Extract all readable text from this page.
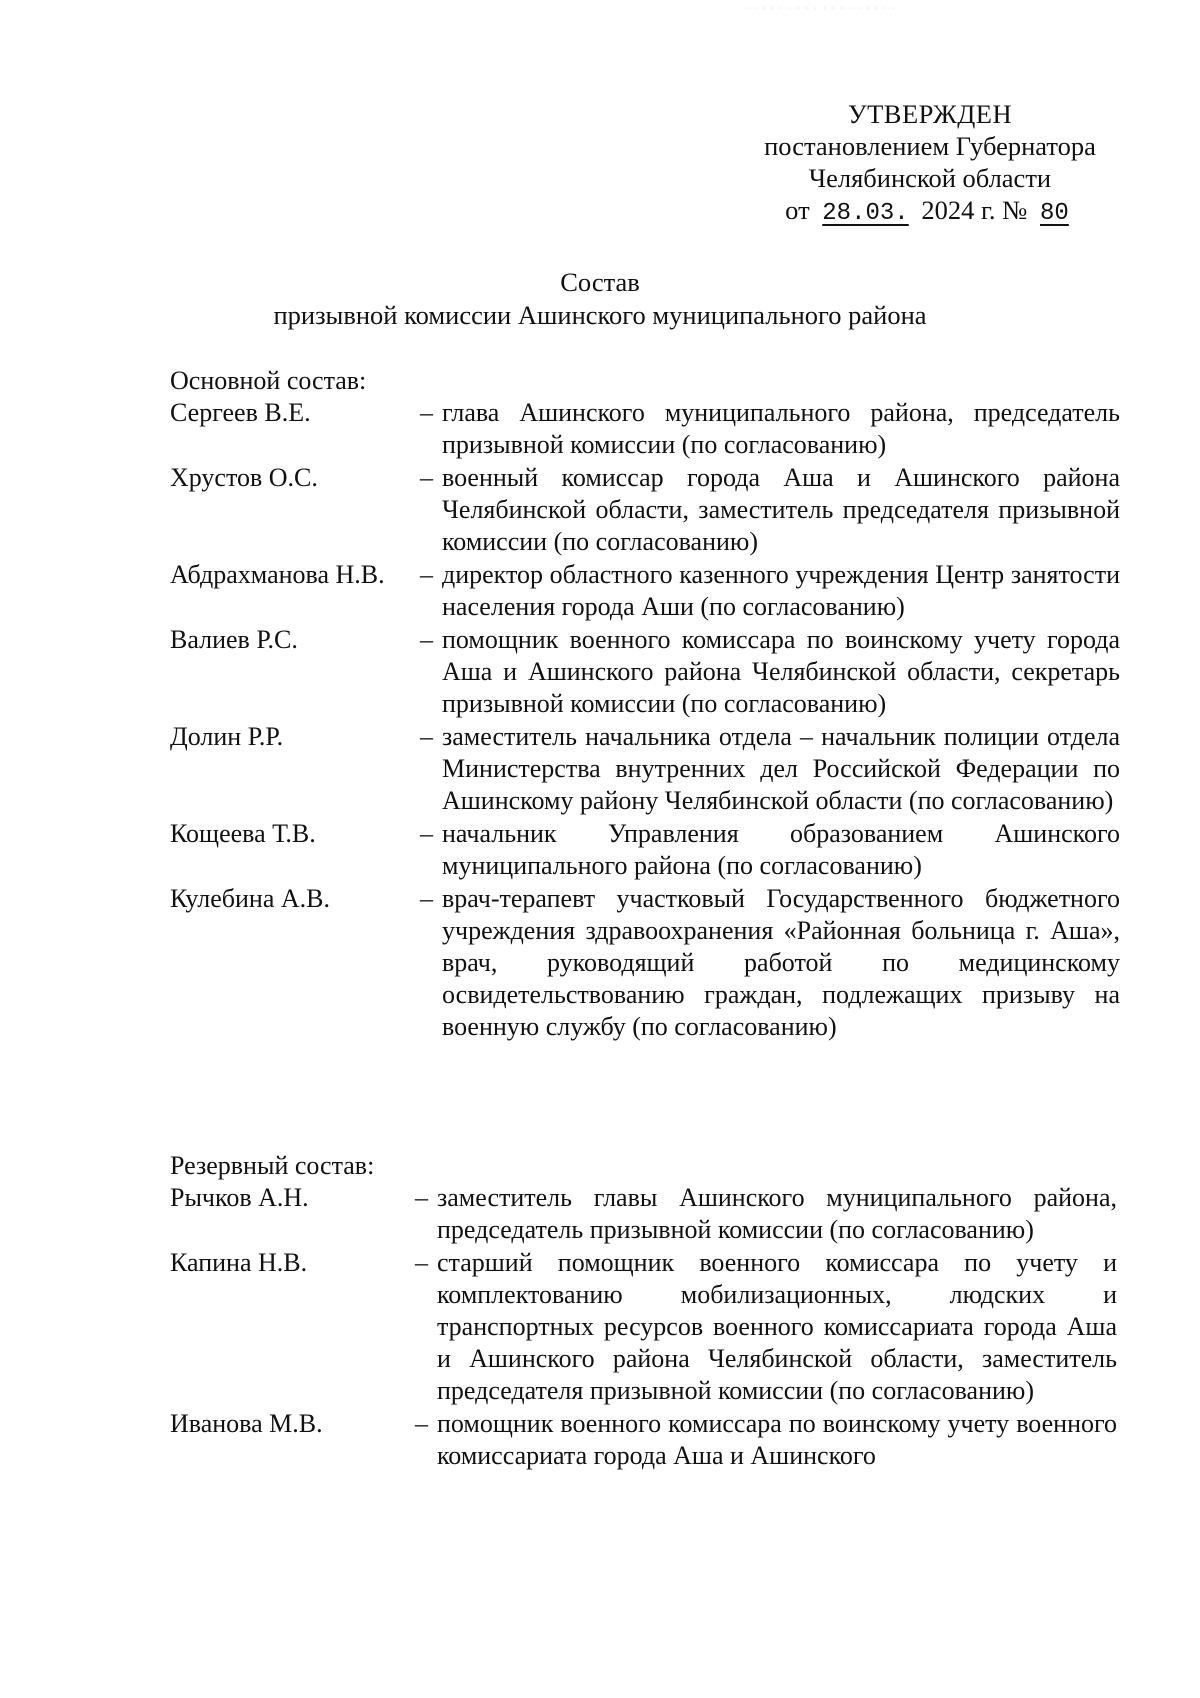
· · · · · · · · · · · · · · · · · ·
УТВЕРЖДЕН
постановлением Губернатора
Челябинской области
от 28.03. 2024 г. № 80
Состав
призывной комиссии Ашинского муниципального района
Основной состав:
Сергеев В.Е.	– глава Ашинского муниципального района, председатель призывной комиссии (по согласованию)
Хрустов О.С.	– военный комиссар города Аша и Ашинского района Челябинской области, заместитель председателя призывной комиссии (по согласованию)
Абдрахманова Н.В.	– директор областного казенного учреждения Центр занятости населения города Аши (по согласованию)
Валиев Р.С.	– помощник военного комиссара по воинскому учету города Аша и Ашинского района Челябинской области, секретарь призывной комиссии (по согласованию)
Долин Р.Р.	– заместитель начальника отдела – начальник полиции отдела Министерства внутренних дел Российской Федерации по Ашинскому району Челябинской области (по согласованию)
Кощеева Т.В.	– начальник Управления образованием Ашинского муниципального района (по согласованию)
Кулебина А.В.	– врач-терапевт участковый Государственного бюджетного учреждения здравоохранения «Районная больница г. Аша», врач, руководящий работой по медицинскому освидетельствованию граждан, подлежащих призыву на военную службу (по согласованию)
Резервный состав:
Рычков А.Н.	– заместитель главы Ашинского муниципального района, председатель призывной комиссии (по согласованию)
Капина Н.В.	– старший помощник военного комиссара по учету и комплектованию мобилизационных, людских и транспортных ресурсов военного комиссариата города Аша и Ашинского района Челябинской области, заместитель председателя призывной комиссии (по согласованию)
Иванова М.В.	– помощник военного комиссара по воинскому учету военного комиссариата города Аша и Ашинского
